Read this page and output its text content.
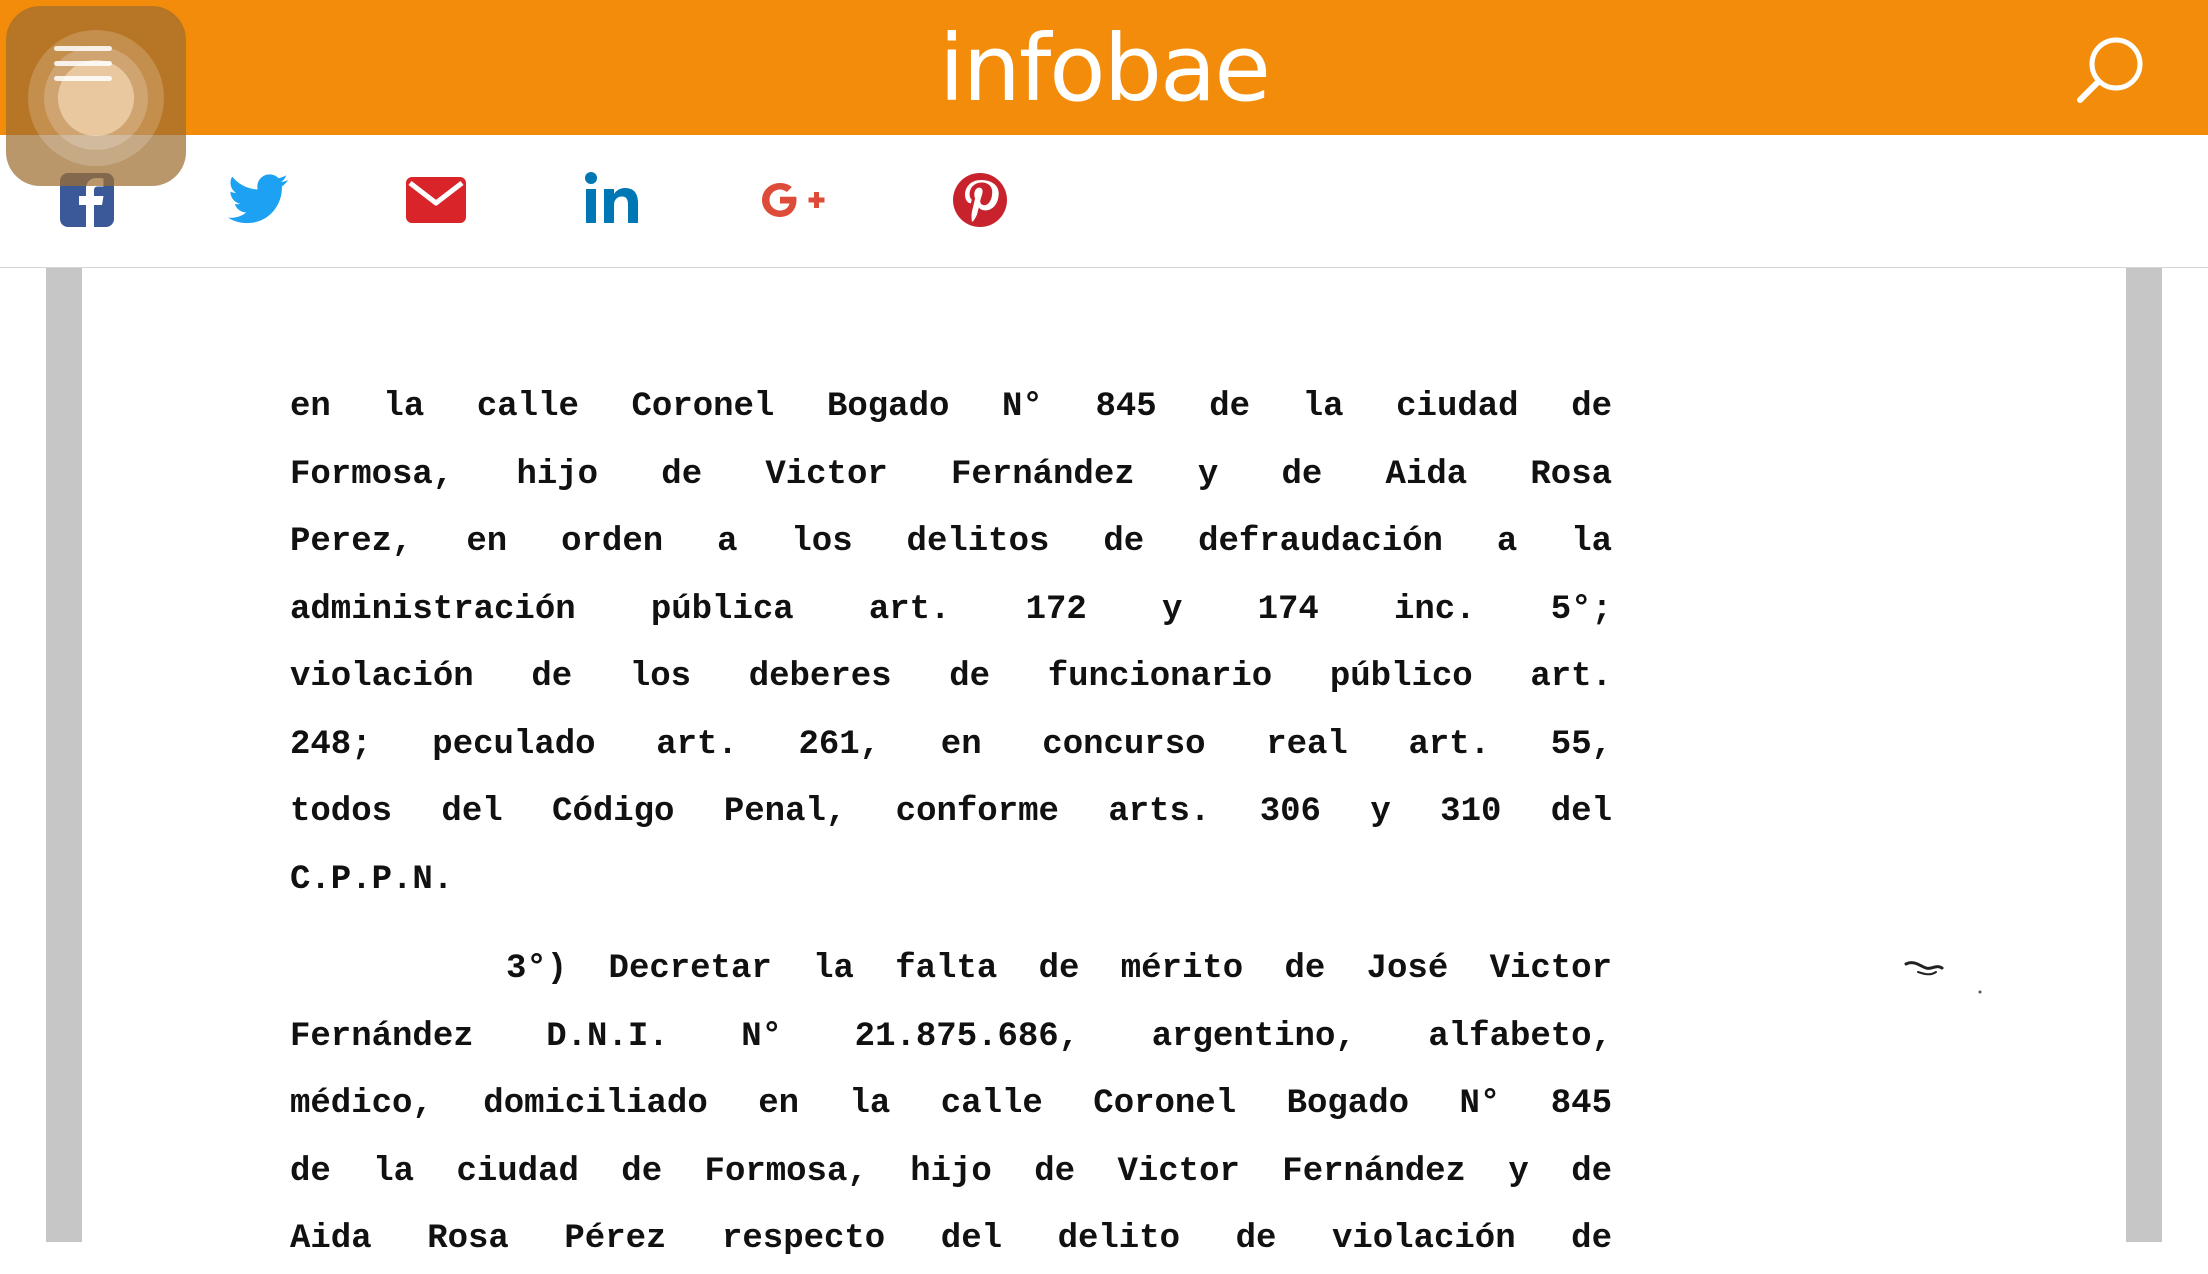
infobae
en la calle Coronel Bogado N° 845 de la ciudad de
Formosa, hijo de Victor Fernández y de Aida Rosa
Perez, en orden a los delitos de defraudación a la
administración pública art. 172 y 174 inc. 5°;
violación de los deberes de funcionario público art.
248; peculado art. 261, en concurso real art. 55,
todos del Código Penal, conforme arts. 306 y 310 del
C.P.P.N.
3°) Decretar la falta de mérito de José Victor
Fernández D.N.I. N° 21.875.686, argentino, alfabeto,
médico, domiciliado en la calle Coronel Bogado N° 845
de la ciudad de Formosa, hijo de Victor Fernández y de
Aida Rosa Pérez respecto del delito de violación de
